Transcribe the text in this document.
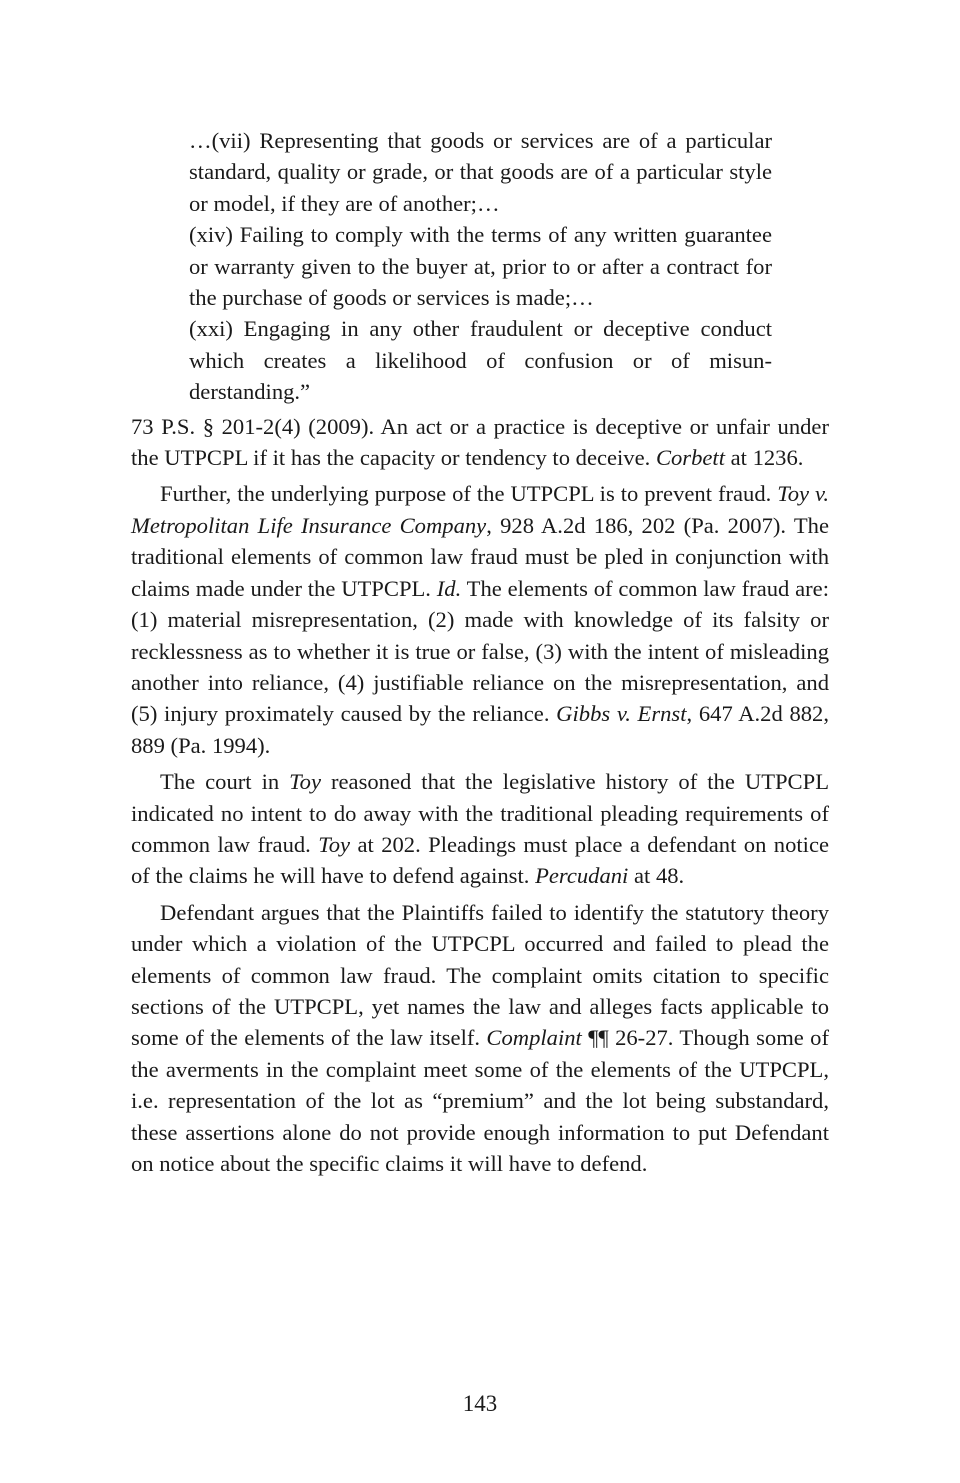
…(vii) Representing that goods or services are of a particular standard, quality or grade, or that goods are of a particular style or model, if they are of another;…

(xiv) Failing to comply with the terms of any written guarantee or warranty given to the buyer at, prior to or after a contract for the purchase of goods or services is made;…

(xxi) Engaging in any other fraudulent or deceptive conduct which creates a likelihood of confusion or of misunderstanding.”

73 P.S. § 201-2(4) (2009). An act or a practice is deceptive or unfair under the UTPCPL if it has the capacity or tendency to deceive. Corbett at 1236.

Further, the underlying purpose of the UTPCPL is to prevent fraud. Toy v. Metropolitan Life Insurance Company, 928 A.2d 186, 202 (Pa. 2007). The traditional elements of common law fraud must be pled in conjunction with claims made under the UTPCPL. Id. The elements of common law fraud are: (1) material misrepresentation, (2) made with knowledge of its falsity or recklessness as to whether it is true or false, (3) with the intent of misleading another into reliance, (4) justifiable reliance on the misrepresentation, and (5) injury proximately caused by the reliance. Gibbs v. Ernst, 647 A.2d 882, 889 (Pa. 1994).

The court in Toy reasoned that the legislative history of the UTPCPL indicated no intent to do away with the traditional pleading requirements of common law fraud. Toy at 202. Pleadings must place a defendant on notice of the claims he will have to defend against. Percudani at 48.

Defendant argues that the Plaintiffs failed to identify the statutory theory under which a violation of the UTPCPL occurred and failed to plead the elements of common law fraud. The complaint omits citation to specific sections of the UTPCPL, yet names the law and alleges facts applicable to some of the elements of the law itself. Complaint ¶¶ 26-27. Though some of the averments in the complaint meet some of the elements of the UTPCPL, i.e. representation of the lot as “premium” and the lot being substandard, these assertions alone do not provide enough information to put Defendant on notice about the specific claims it will have to defend.

143
